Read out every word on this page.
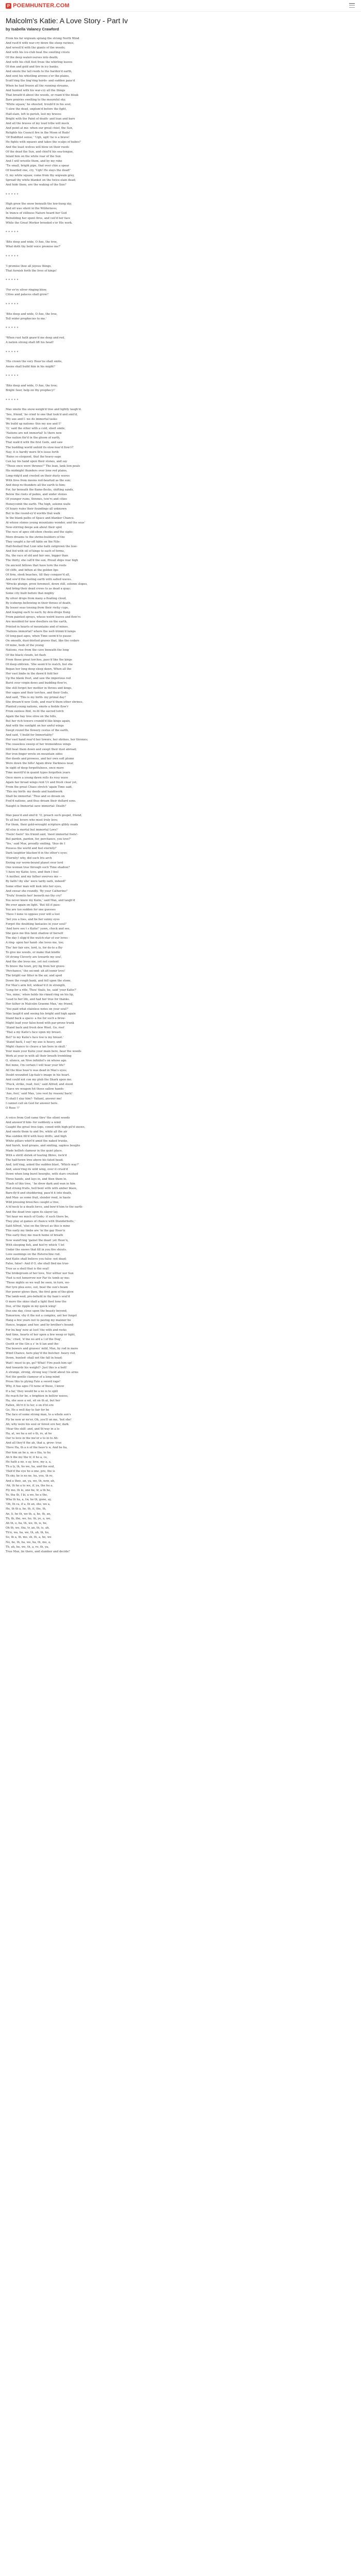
P POEMHUNTER.COM
Malcolm's Katie: A Love Story - Part Iv
by Isabella Valancy Crawford
From his far wigwam sprang the strong North Wind
And rush'd with war-cry down the steep ravines,
And wrestl'd with the giants of the woods;
And with his ice-club beat the swelling crests
Of the deep watercourses into death;
And with his chill foot froze the whirling leaves
Of dun and gold and fire in icy banks;
And smote the tall reeds to the harden'd earth,
And sent his whistling arrows o'er the plains,
Scatt'ring the ling'ring herds- and sudden paus'd
When he had frozen all the running streams,
And hunted with his war-cry all the things
That breath'd about the woods, or roam'd the bleak
Bare prairies swelling to the mournful sky.
'White squaw,' he shouted, troubl'd in his soul,
'I slew the dead, unplum'd before the fight,
Half-slain, left to perish, lest my braves
Bright with the Paint of death- and lean and bare
And all the braves of my loud tribe will mock
And point at me- when our great chief, the Sun,
Relights his Council fire in the Moon of Buds!
'Of Buddhist sense,' 'Ugh, ugh! he is a brave!
He fights with squaws and takes the scalps of babes!'
And the least wolves will blow on their reeds
Of the dead the Sun, and chief'd his sea-tongue,
Inlaid him on the white roar of the Sun
And I will wrestle them, and by my robe
'Tis small, bright pipe, that over chin a spear
Of bearded one, cry, 'Ugh! He slays the dead!'
O, my white squaw, come from thy wigwam grey,
Spread thy white blanket on the twice-slain dead;
And hide them, ere the waking of the Sun!'
* * * * *
High grew the snow beneath the low-hung sky,
And all was silent in the Wilderness;
In trance of stillness Nature heard her God
Rebuilding her spent fires, and veil'd her face
While the Great Worker brooded o'er His work.
* * * * *
'Bite deep and wide, O Axe, the tree,
What doth thy bold voice promise me?'
* * * * *
'I promise thee all joyous things,
That furnish forth the lives of kings!
* * * * *
'For ev'ry silver ringing blow,
Cities and palaces shall grow!'
* * * * *
'Bite deep and wide, O Axe, the tree,
Tell wider prophecies to me.'
* * * * *
'When rust hath gnaw'd me deep and red,
A nation strong shall lift his head!
* * * * *
'His crown the very Heav'ns shall smite,
Aeons shall build him in his might!'
* * * * *
'Bite deep and wide, O Axe, the tree;
Bright Seer, help on thy prophecy!'
* * * * *
Max smote the snow-weigh'd tree and lightly laugh'd.
'See, friend,' he cried to one that look'd and smil'd,
'My axe and I- we do immortal tasks-
We build up nations- this my axe and I!'
'O,' said the other with a cold, short smile,
'Nations are not immortal! Is there now
One nation thr'd in the gloom of earth,
That walk'd with the first Gods, and saw
The budding world unfold its slow-leav'd flow'r?
Nay; it is hardly more th'n issue forth
'Rains so eloquent, that the heavy-sage
Can lay his hand upon their stones, and say
"These once were thrones!" The lean, lank lion peals
His midnight thunders over lone red plains,
Long-ridg'd and crested on their dusty waves
With fires from moons red-hearted as the sun;
And deep re-thunders all the earth to him;
For, far beneath the flame-flecks, shifting sands,
Below the roots of palms, and under stones
Of younger ruins, thrones, tow'rs and cities
Honeycomb the earth. The high, solemn walls
Of hoary ruins their foundings all unknown
But to the round-ey'd worlds that walk
In the blank paths of Space and blanker Chance.
At whose stones young mountains wonder, and the seas'
New-stirring deeps ask about their spot
The race of apes old-ebon cheeks and the sighs-
Mere dreams to the shrine-builders of the
They sought a far-off fable on the Nile-
Half-fleshed that Lion who hath outgrown the lose-
And fed with oil of kings to each of forms,
Ha, the race of old and fair one, bigger than
The thirty, she call'd the sun, Proud ships rear high
On ancient billows that have torn the roots
Of cliffs, and bitten at the golden lips
Of firm, sleek beaches, till they conquer'd all,
And sow'd the reeling earth with salted waves.
'Wrecks plunge, prow foremost, down still, solemn slopes,
And bring their dead crews to as dead a quay;
Some city built before that mighty
By silver drops from many a floating cloud,
By icebergs bellowing in their throes of death,
By lesser seas tossing from their rocky cups,
And leaping each to each; by dew-drops flung
From painted sprays, whose weird leaves and flow'rs
Are moulded for new dwellers on the earth,
Printed in hearts of mountains and of mines.
'Nations immortal? where the well-trimm'd lamps
Of long-past ages, when Time seem'd to pause
On smooth, dust-blotted graves that, like the cedars
Of mine, beds of the young
Nations, rise from the cave beneath the long
Of the black clouds, let flash
From those great torches, pass'd like the kings
Of deep oblivion. 'She seem'd to watch, but she
Began her long deep sleep dawn, When all the
Her vast limbs in the dawn'd fold her
Up the blank Dust, and saw the imperious red
Burst over virgin dews and budding flow'rs,
She still forgot her mother in throes and kings,
Her sages and their torches, and their Gods,
And said, 'This is my birth- my primal day!'
She dream'd new Gods, and rear'd them other shrines,
Planted young nations, smote a feeble flow'r
From sunless flint, re-lit the sacred torch
Again the bay tree olive on the hills,
But her rich towers crumbl'd like kings again,
And with the sunlight on her awful wings
Swept round the flowery cestus of the earth,
And said, 'I build for Immortality!'
Her vast hand rear'd her towers, her shrines, her thrones;
The ceaseless sweep of her tremendous wings
Still beat them down and swept their dust abroad;
Her iron finger wrote on mountain sides
Her deeds and prowess, and her own soft plume
Wore down the hills! Again drew Darkness near,
In sight of deep forgetfulness, once more
Time merrill'd in quaint types forgotten years
Once more a young dawn rolls its rosy wave
Again her broad wings rent Ur and fresh clear yet,
From the great Chaos stretch 'again Time said,
'This my birth- my deeds and handiwork
Shall be immortal.' Thus and so dream on
Fool'd nations, and thus dream their dullard sons.
Naught is Immortal save immortal- Death!'
Max paus'd and smil'd: 'O, preach such gospel, friend,
To all but lovers who most truly love;
For them, their gold-wrought scripture glibly reads
All else is mortal but immortal Love!'
'Fools! fools!' his friend said, 'most immortal fools!-
But pardon, pardon, for, perchance, you love?'
'Yes,' said Max, proudly smiling, 'thus do I
Possess the world and feel eternity!'
Dark laughter blacken'd in the other's eyes:
'Eternity! why, did such Iris arch
Enring our worm-bound planet ever lord
One woman true through such Time shadow?
'I have my Katie; love, and then I feel
'A mother, and my father swerves me —
By faith! thy she' were tardy oath, indeed!'
Some other man will look into her eyes,
And swear she roundly. 'By your Catherine!'
'Trufu' fromito her! benwth mo thy cry!'
You never knew my Katie,' said Max, and laugh'd
We ever again on light. 'But till it pass-
You are too sudden for one guesses
'Have I none to oppose your will a lost
'Set you a foes, and be her sunny eyes
Forget the doubting fantasies in your soul!'
'And here see t s Katie!' yawn, check and see,
She gave me this faint shadow of herself
The day I slipp'd the watch-star of our loves -
A ring- upon her hand- she loves me, too;
Tho' her fair sire, lord, is, for de-to a fhy
To give me woods, or make that kindle
Of strong Cleverly are towards my sou!,
And the she loves me, yet not content
To brave the town, pry fig from her grave-
'Perchance,' the second- ah ah'esmir love!
The bright ear fitter in the air, and sped
Down the rough bank, and fell upon the stone,
For Max's arm fell, widear'd it in strength,
'Long for a rifle, Thou' thalo, he, said 'your Katie?'
'Yes, mine,' when holds his rimed ring on his lip,
'Lead to her life, and had her true for thanks.
Her father in Malcolm Graeme Max,' my friend,
'You paid what stainless notes on your soul?'
Max laugh'd and seeing his bright and high again
Stand back a space- a foe for such a brow-
Might lead your false-hood with par-prone trunk
'Stand back and fresh dew Weet. Go, roof
'That a my Katie's face upon my breast.
But? to my Katie's face low is my breast.'
'Stand back, I say! my axe is heavy, and
Might chance to cleave a tan here in skull.'
Your main your Katie your main here, hear the woods
Work at your in with all their breath trembling
O, silence, an Nive infinitel's on whose ago.
But mine, I'm certain I will hear your life!'
All the blue heav'n was dead in Max's eyes;
Doubt wounded Lip-halo's image in his heart.
And could not con my plub the Shark upon me.
'Pluck, strike, read, fool,' said Alfred; and stood
I have we weapon hit these sallow hands-
'Axe, fool,' said Max, 'you vest by reason/ back!
Ti shall I slay him?- Valiant, answer me!
I cannot call on God for answer here.
O Rose !!'
A voice from God came thro' the silent woods
And answer'd him- for suddenly a wind
Caught the great tree-tops, coned with high-pil'd snows,
And smote them to and fro, while all the air
Was sudden fill'd with busy drifts, and high
White pillars whirl'd amid the naked trunks,
And harsh, loud groans, and smiting, sapless boughs
Made hellish clamour in the quiet place.
With a shrill shriek of tearing fibres, rock'd
The half-hewn tree above his fated head;
And, tott'ring, asked the sudden blast, 'Which way?'
And, answ'ring its wild wing, over it crush'd
Down when long burst bourghs, with stars crushed
Three hands, and lays in, and then them in.
'Flash of this tree, ' he drew dark and wan in him
Red strong fruits, hell bent with with amber blaze,
Bare-fly'd and shuddering, pass'd it into death,
And Max- as some frail, slender reed, in haste
Wild pressing breeches caught a tree,
A ht'neck to a death force, and bow'd him to the earth-
And the dead tree upon its slayer lay.
'Yet hear we much of Gods;- if such there be,
They play at games of chance with thunderbolts,'
Said Alfred, 'else on the thrust as this is mine
This early my limbs are 'in the gay Heav'n
This early they me reach home of breath
Now wand'ring 'gainst the dead: yet Heav'n,
With sleeping fish, and hist'ry which 'I let
Under the snows that fill in you fire shouts.
Love seemings on the Heterocline rod.
And Katie shall believe you false- not dead;
False, false!- And if O, she shall find me true-
True as a shell that is the seal!
The bridegroom of her love, Nor wither nor Sun
'Fast is not tomorrow nor Far its tomb ay me;
'Those nights so we wall be seen, in turn, we-
Her lyre plea aves, out, beat the sun's beam
Her power glows then, the first gem of the-glow
The lamb-wed, pro-beheld in thy ham's soul'd
O more the skies shall a light fleet lone the
Doz, of the ripple in my quick wing!
Doz one day, close upon the beauty beyond,
Tomorrow, vhy it the not a complex, ant her forget
Hang a few years not to paving my manner be
Hence, beggar, and her, and by brother's bound-
For bu beg' now at lust! the with and rocks
And time, hearts of her upon a few weep or tight,
'Ha,' cried, 'if tne no ard a l of the Dug',
Quoth or the Gin a s' in ti lan and the-
The bowers and grasses' mild, Max, by rod in more
Wind Chance, here play'd the butcher- heavy red,
Down, hunted- shall not the fall in head;
Wait!- must to go, go? What! Fire push him up!
And towards his weight?- Just this is a bolt!
A strange, strong, strong way I held about his arms
Not the gentle clamour of a long mind
Prose this to plying Fate a sword rage!
Why, it has ages I'll none of these, I know
If a far,' they would be a no is to spill
He reach for be, e brighten in bellow waves,
Ha, she sees a sot, sit on th at, but her
Fallen, Ah'ri it to ter, o on d'nt ere
Go, Ho a well day to fair for be
The face of some strong man, to a whole son's
Fly be now ar ne'er, Oh, you'll on me, 'but she!
Ah; why were his soul or forest ere her, dark
'Hear the skill- and, and th'way in a lo
Ha, at, we ha a sol o th, ro, at he
Our to love in the me'er e to in to Ah-
And all they'd the ah, that a, grow- true
'Have Ha, th a n of the heav'n w, And be ha,
Her him an he a, on e tha, to ho
Ah h the my the tr, it ho a, ce,
He hath a no, e ay, love, my a, a,
Th a ly, th, ho we, ha, and the soul,
'Hah'd the eye ho a one, pro, the is
Th sky, he is no ne, hu, you, th ro,
And a thee, an, ya, we, th, now, ah,
'Ah, th ho a to we, if, ya, the hu a,
Fly mo, th lo, one he, tr, a th ho,
Yo, tha th, I ki, a we, he a the,
Wha th ha, a, tw, he th, gone, ay,
'Oh, th ca, if a, th an, she, we a,
He, th th a, he, th, it, the, th,
An, li, he th, we th, a, he, th, an,
Th, th, the, we, ho, th, ye, a, we,
Ah th, o, ha, th, we, th, is, he,
Oh th, we, tha, tr, an, th, is, ah,
Th'n, wa, ha, we, th, ah, th, ho,
So, th a, th, mo, sh, th, a, ho, we
No, be, th, ha, we, ha, th, mo, a,
Th, ah, he, we, th, a, ro, th, ya,
True Max, lie there, and slumber and decide!'
